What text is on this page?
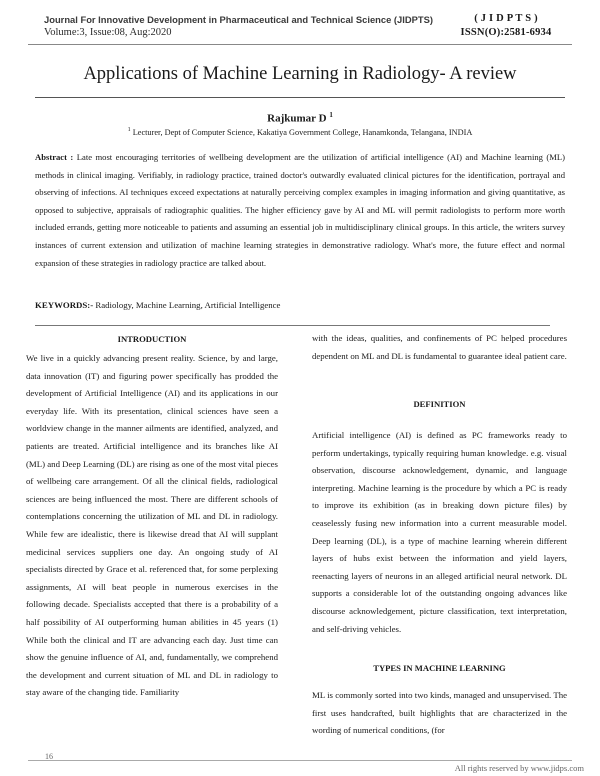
Journal For Innovative Development in Pharmaceutical and Technical Science (JIDPTS)
Volume:3, Issue:08, Aug:2020
( J I D P T S )
ISSN(O):2581-6934
Applications of Machine Learning in Radiology- A review
Rajkumar D $^1$
$^1$ Lecturer, Dept of Computer Science, Kakatiya Government College, Hanamkonda, Telangana, INDIA
Abstract : Late most encouraging territories of wellbeing development are the utilization of artificial intelligence (AI) and Machine learning (ML) methods in clinical imaging. Verifiably, in radiology practice, trained doctor's outwardly evaluated clinical pictures for the identification, portrayal and observing of infections. AI techniques exceed expectations at naturally perceiving complex examples in imaging information and giving quantitative, as opposed to subjective, appraisals of radiographic qualities. The higher efficiency gave by AI and ML will permit radiologists to perform more worth included errands, getting more noticeable to patients and assuming an essential job in multidisciplinary clinical groups. In this article, the writers survey instances of current extension and utilization of machine learning strategies in demonstrative radiology. What's more, the future effect and normal expansion of these strategies in radiology practice are talked about.
KEYWORDS:- Radiology, Machine Learning, Artificial Intelligence
INTRODUCTION
We live in a quickly advancing present reality. Science, by and large, data innovation (IT) and figuring power specifically has prodded the development of Artificial Intelligence (AI) and its applications in our everyday life. With its presentation, clinical sciences have seen a worldview change in the manner ailments are identified, analyzed, and patients are treated. Artificial intelligence and its branches like AI (ML) and Deep Learning (DL) are rising as one of the most vital pieces of wellbeing care arrangement. Of all the clinical fields, radiological sciences are being influenced the most. There are different schools of contemplations concerning the utilization of ML and DL in radiology. While few are idealistic, there is likewise dread that AI will supplant medicinal services suppliers one day. An ongoing study of AI specialists directed by Grace et al. referenced that, for some perplexing assignments, AI will beat people in numerous exercises in the following decade. Specialists accepted that there is a probability of a half possibility of AI outperforming human abilities in 45 years (1) While both the clinical and IT are advancing each day. Just time can show the genuine influence of AI, and, fundamentally, we comprehend the development and current situation of ML and DL in radiology to stay aware of the changing tide. Familiarity
with the ideas, qualities, and confinements of PC helped procedures dependent on ML and DL is fundamental to guarantee ideal patient care.
DEFINITION
Artificial intelligence (AI) is defined as PC frameworks ready to perform undertakings, typically requiring human knowledge. e.g. visual observation, discourse acknowledgement, dynamic, and language interpreting. Machine learning is the procedure by which a PC is ready to improve its exhibition (as in breaking down picture files) by ceaselessly fusing new information into a current measurable model. Deep learning (DL), is a type of machine learning wherein different layers of hubs exist between the information and yield layers, reenacting layers of neurons in an alleged artificial neural network. DL supports a considerable lot of the outstanding ongoing advances like discourse acknowledgement, picture classification, text interpretation, and self-driving vehicles.
TYPES IN MACHINE LEARNING
ML is commonly sorted into two kinds, managed and unsupervised. The first uses handcrafted, built highlights that are characterized in the wording of numerical conditions, (for
16
All rights reserved by www.jidps.com
